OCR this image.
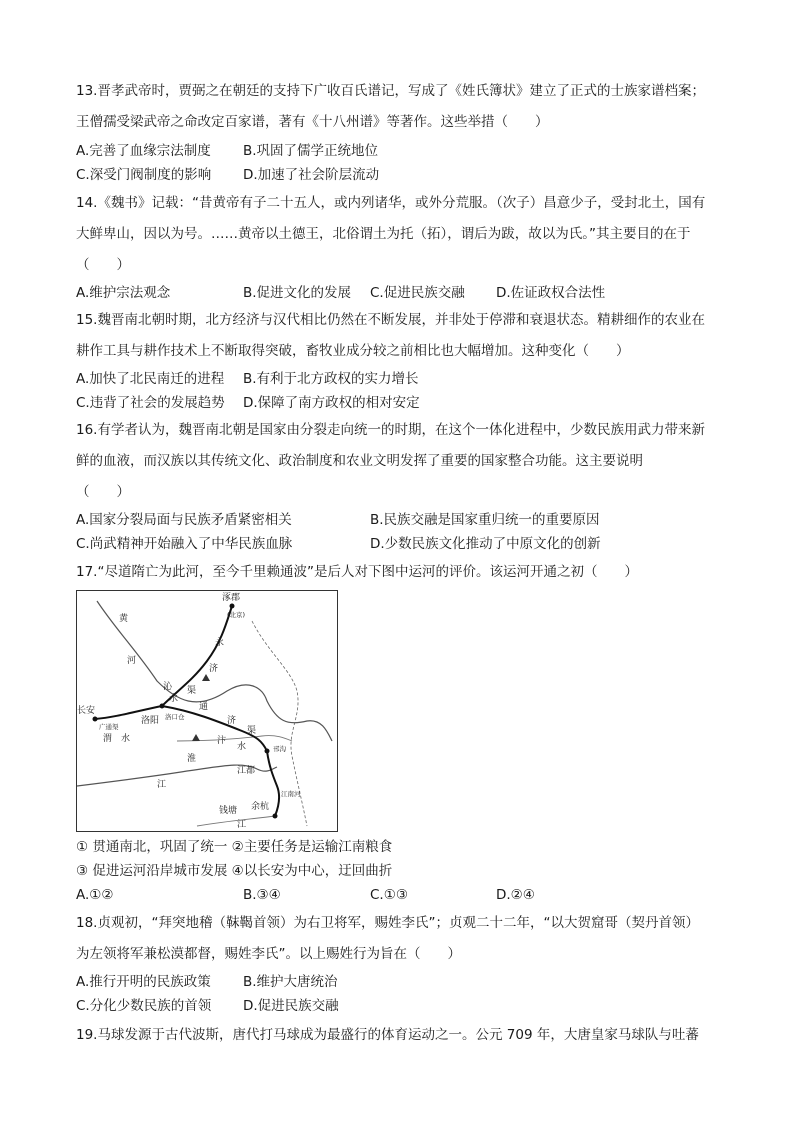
13.晋孝武帝时，贾弼之在朝廷的支持下广收百氏谱记，写成了《姓氏簿状》建立了正式的士族家谱档案；
王僧孺受梁武帝之命改定百家谱，著有《十八州谱》等著作。这些举措（　　）
A.完善了血缘宗法制度 B.巩固了儒学正统地位
C.深受门阀制度的影响 D.加速了社会阶层流动
14.《魏书》记载：“昔黄帝有子二十五人，或内列诸华，或外分荒服。（次子）昌意少子，受封北土，国有
大鲜卑山，因以为号。……黄帝以土德王，北俗谓土为托（拓），谓后为跋，故以为氏。”其主要目的在于
（　　）
A.维护宗法观念	B.促进文化的发展 C.促进民族交融 D.佐证政权合法性
15.魏晋南北朝时期，北方经济与汉代相比仍然在不断发展，并非处于停滞和衰退状态。精耕细作的农业在
耕作工具与耕作技术上不断取得突破，畜牧业成分较之前相比也大幅增加。这种变化（　　）
A.加快了北民南迁的进程 B.有利于北方政权的实力增长
C.违背了社会的发展趋势 D.保障了南方政权的相对安定
16.有学者认为，魏晋南北朝是国家由分裂走向统一的时期，在这个一体化进程中，少数民族用武力带来新
鲜的血液，而汉族以其传统文化、政治制度和农业文明发挥了重要的国家整合功能。这主要说明
（　　）
A.国家分裂局面与民族矛盾紧密相关	B.民族交融是国家重归统一的重要原因
C.尚武精神开始融入了中华民族血脉	D.少数民族文化推动了中原文化的创新
17.“尽道隋亡为此河，至今千里赖通波”是后人对下图中运河的评价。该运河开通之初（　　）
涿郡
(北京)
黄
河
永
济
沁
水
渠
长安
广通渠
洛阳 洛口仓
通
济
渠
渭 水	汴
水
淮
江都
邗沟
江
江南河
余杭
钱塘
江
① 贯通南北，巩固了统一 ②主要任务是运输江南粮食
③ 促进运河沿岸城市发展 ④以长安为中心，迂回曲折
A.①②	B.③④	C.①③	D.②④
18.贞观初，“拜突地稽（靺鞨首领）为右卫将军，赐姓李氏”；贞观二十二年，“以大贺窟哥（契丹首领）
为左领将军兼松漠都督，赐姓李氏”。以上赐姓行为旨在（　　）
A.推行开明的民族政策 B.维护大唐统治
C.分化少数民族的首领 D.促进民族交融
19.马球发源于古代波斯，唐代打马球成为最盛行的体育运动之一。公元 709 年，大唐皇家马球队与吐蕃
